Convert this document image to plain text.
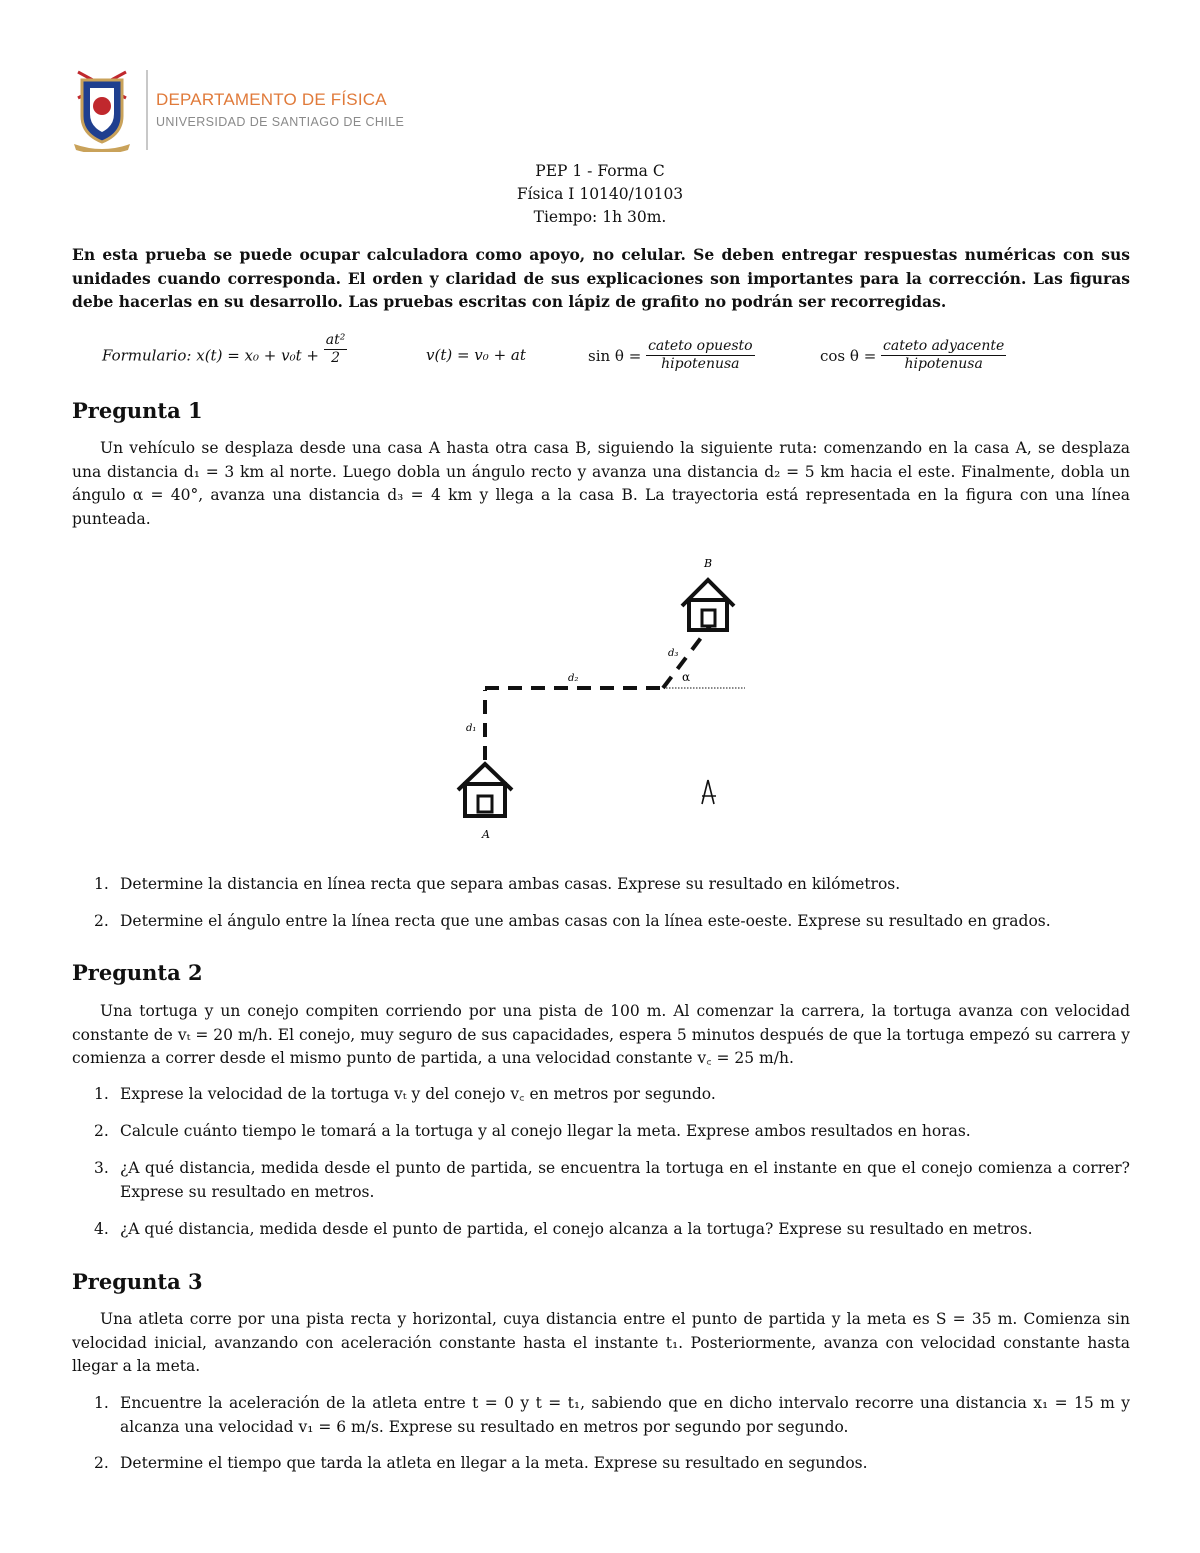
DEPARTAMENTO DE FÍSICA
UNIVERSIDAD DE SANTIAGO DE CHILE
PEP 1 - Forma C
Física I 10140/10103
Tiempo: 1h 30m.
En esta prueba se puede ocupar calculadora como apoyo, no celular. Se deben entregar respuestas numéricas con sus unidades cuando corresponda. El orden y claridad de sus explicaciones son importantes para la corrección. Las figuras debe hacerlas en su desarrollo. Las pruebas escritas con lápiz de grafito no podrán ser recorregidas.
Formulario: $x(t) = x_0 + v_0t + \frac{\text{at²}}{2}$	v(t) = v₀ + at	$\sin \theta = \frac{\text{cateto opuesto}}{\text{hipotenusa}}$	$\cos \theta = \frac{\text{cateto adyacente}}{\text{hipotenusa}}$
Pregunta 1
Un vehículo se desplaza desde una casa A hasta otra casa B, siguiendo la siguiente ruta: comenzando en la casa A, se desplaza una distancia d₁ = 3 km al norte. Luego dobla un ángulo recto y avanza una distancia d₂ = 5 km hacia el este. Finalmente, dobla un ángulo α = 40°, avanza una distancia d₃ = 4 km y llega a la casa B. La trayectoria está representada en la figura con una línea punteada.
A
B
d₁
d₂
d₃
α
1. Determine la distancia en línea recta que separa ambas casas. Exprese su resultado en kilómetros.
2. Determine el ángulo entre la línea recta que une ambas casas con la línea este-oeste. Exprese su resultado en grados.
Pregunta 2
Una tortuga y un conejo compiten corriendo por una pista de 100 m. Al comenzar la carrera, la tortuga avanza con velocidad constante de vₜ = 20 m/h. El conejo, muy seguro de sus capacidades, espera 5 minutos después de que la tortuga empezó su carrera y comienza a correr desde el mismo punto de partida, a una velocidad constante v꜀ = 25 m/h.
1. Exprese la velocidad de la tortuga vₜ y del conejo v꜀ en metros por segundo.
2. Calcule cuánto tiempo le tomará a la tortuga y al conejo llegar la meta. Exprese ambos resultados en horas.
3. ¿A qué distancia, medida desde el punto de partida, se encuentra la tortuga en el instante en que el conejo comienza a correr? Exprese su resultado en metros.
4. ¿A qué distancia, medida desde el punto de partida, el conejo alcanza a la tortuga? Exprese su resultado en metros.
Pregunta 3
Una atleta corre por una pista recta y horizontal, cuya distancia entre el punto de partida y la meta es S = 35 m. Comienza sin velocidad inicial, avanzando con aceleración constante hasta el instante t₁. Posteriormente, avanza con velocidad constante hasta llegar a la meta.
1. Encuentre la aceleración de la atleta entre t = 0 y t = t₁, sabiendo que en dicho intervalo recorre una distancia x₁ = 15 m y alcanza una velocidad v₁ = 6 m/s. Exprese su resultado en metros por segundo por segundo.
2. Determine el tiempo que tarda la atleta en llegar a la meta. Exprese su resultado en segundos.
